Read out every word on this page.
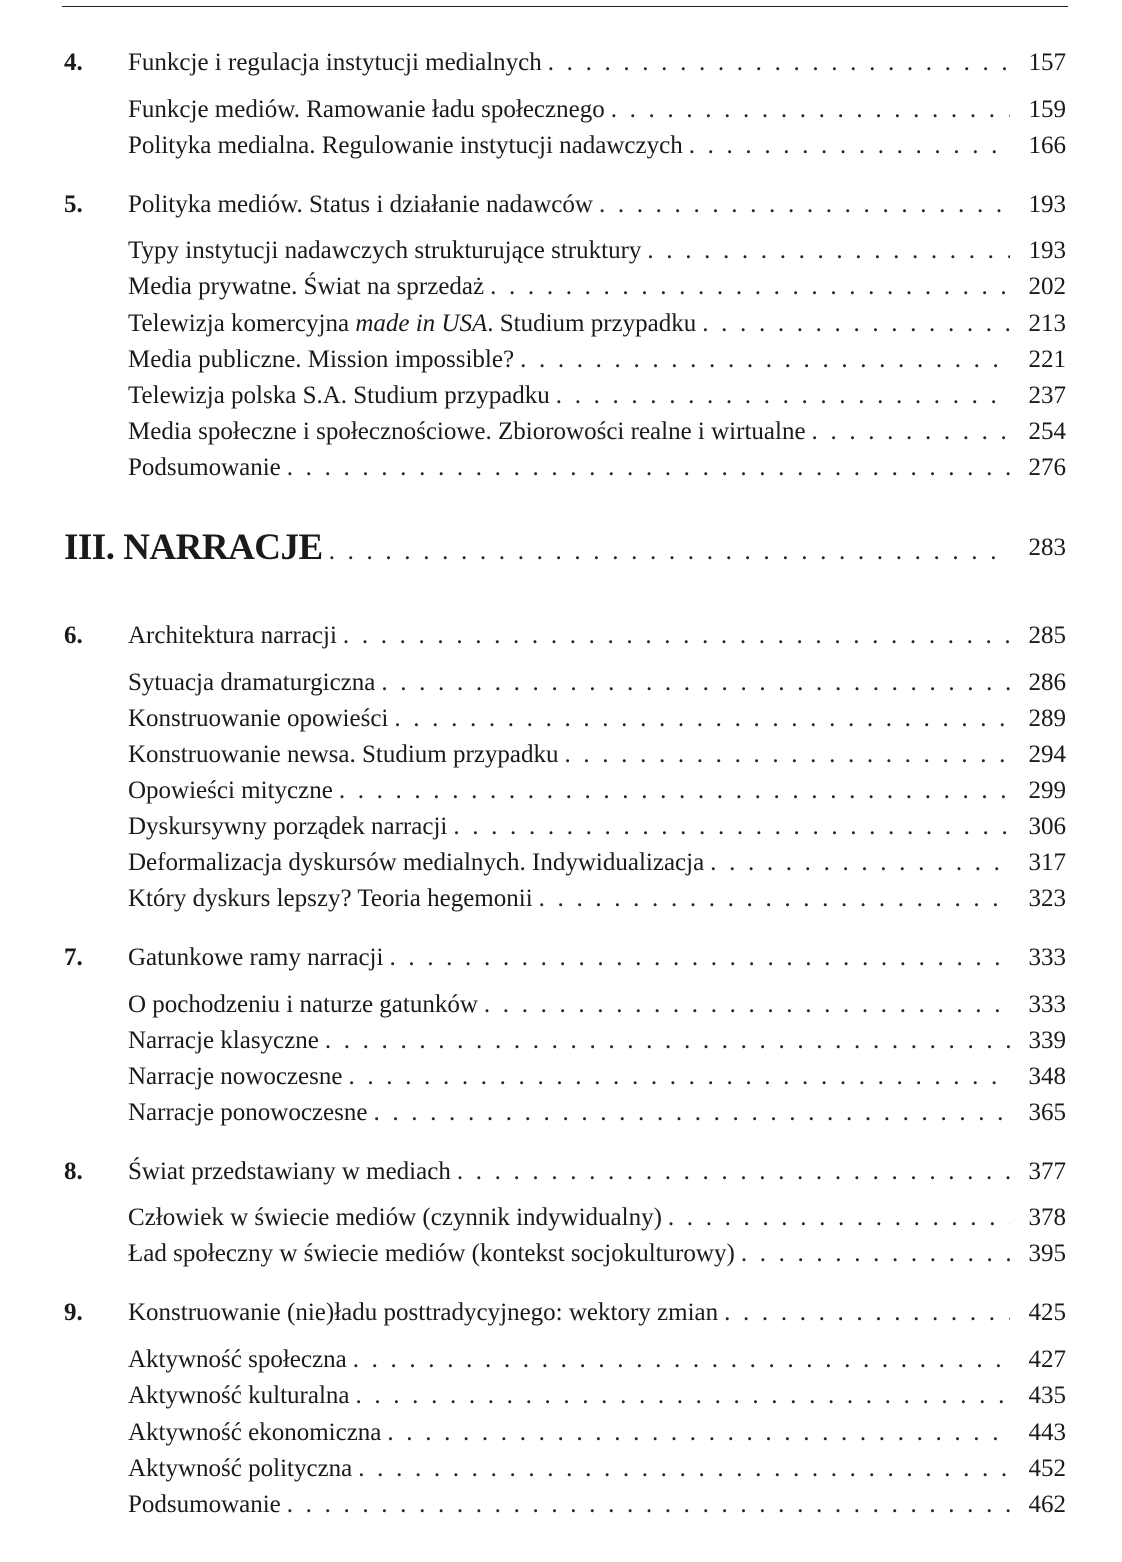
4. Funkcje i regulacja instytucji medialnych . . .	157
Funkcje mediów. Ramowanie ładu społecznego . . .	159
Polityka medialna. Regulowanie instytucji nadawczych . . .	166
5. Polityka mediów. Status i działanie nadawców . . .	193
Typy instytucji nadawczych strukturujące struktury . . .	193
Media prywatne. Świat na sprzedaż . . .	202
Telewizja komercyjna made in USA. Studium przypadku . . .	213
Media publiczne. Mission impossible? . . .	221
Telewizja polska S.A. Studium przypadku . . .	237
Media społeczne i społecznościowe. Zbiorowości realne i wirtualne . . .	254
Podsumowanie . . .	276
III. NARRACJE . . .	283
6. Architektura narracji . . .	285
Sytuacja dramaturgiczna . . .	286
Konstruowanie opowieści . . .	289
Konstruowanie newsa. Studium przypadku . . .	294
Opowieści mityczne . . .	299
Dyskursywny porządek narracji . . .	306
Deformalizacja dyskursów medialnych. Indywidualizacja . . .	317
Który dyskurs lepszy? Teoria hegemonii . . .	323
7. Gatunkowe ramy narracji . . .	333
O pochodzeniu i naturze gatunków . . .	333
Narracje klasyczne . . .	339
Narracje nowoczesne . . .	348
Narracje ponowoczesne . . .	365
8. Świat przedstawiany w mediach . . .	377
Człowiek w świecie mediów (czynnik indywidualny) . . .	378
Ład społeczny w świecie mediów (kontekst socjokulturowy) . . .	395
9. Konstruowanie (nie)ładu posttradycyjnego: wektory zmian . . .	425
Aktywność społeczna . . .	427
Aktywność kulturalna . . .	435
Aktywność ekonomiczna . . .	443
Aktywność polityczna . . .	452
Podsumowanie . . .	462
